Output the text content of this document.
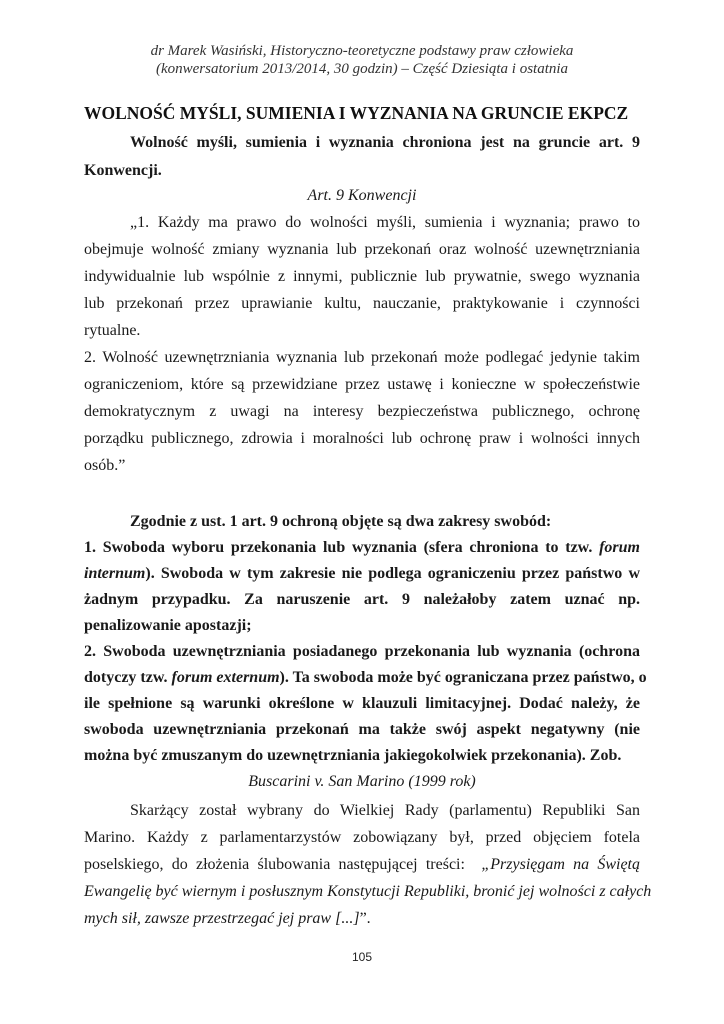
dr Marek Wasiński, Historyczno-teoretyczne podstawy praw człowieka
(konwersatorium 2013/2014, 30 godzin) – Część Dziesiąta i ostatnia
WOLNOŚĆ MYŚLI, SUMIENIA I WYZNANIA NA GRUNCIE EKPCZ
Wolność myśli, sumienia i wyznania chroniona jest na gruncie art. 9
Konwencji.
Art. 9 Konwencji
„1. Każdy ma prawo do wolności myśli, sumienia i wyznania; prawo to
obejmuje wolność zmiany wyznania lub przekonań oraz wolność uzewnętrzniania
indywidualnie lub wspólnie z innymi, publicznie lub prywatnie, swego wyznania
lub przekonań przez uprawianie kultu, nauczanie, praktykowanie i czynności
rytualne.
2. Wolność uzewnętrzniania wyznania lub przekonań może podlegać jedynie takim
ograniczeniom, które są przewidziane przez ustawę i konieczne w społeczeństwie
demokratycznym z uwagi na interesy bezpieczeństwa publicznego, ochronę
porządku publicznego, zdrowia i moralności lub ochronę praw i wolności innych
osób.”
Zgodnie z ust. 1 art. 9 ochroną objęte są dwa zakresy swobód:
1. Swoboda wyboru przekonania lub wyznania (sfera chroniona to tzw. forum
internum). Swoboda w tym zakresie nie podlega ograniczeniu przez państwo w
żadnym przypadku. Za naruszenie art. 9 należałoby zatem uznać np.
penalizowanie apostazji;
2. Swoboda uzewnętrzniania posiadanego przekonania lub wyznania (ochrona
dotyczy tzw. forum externum). Ta swoboda może być ograniczana przez państwo, o
ile spełnione są warunki określone w klauzuli limitacyjnej. Dodać należy, że
swoboda uzewnętrzniania przekonań ma także swój aspekt negatywny (nie
można być zmuszanym do uzewnętrzniania jakiegokolwiek przekonania). Zob.
Buscarini v. San Marino (1999 rok)
Skarżący został wybrany do Wielkiej Rady (parlamentu) Republiki San
Marino. Każdy z parlamentarzystów zobowiązany był, przed objęciem fotela
poselskiego, do złożenia ślubowania następującej treści: „Przysięgam na Świętą
Ewangelię być wiernym i posłusznym Konstytucji Republiki, bronić jej wolności z całych
mych sił, zawsze przestrzegać jej praw [...]”.
105
